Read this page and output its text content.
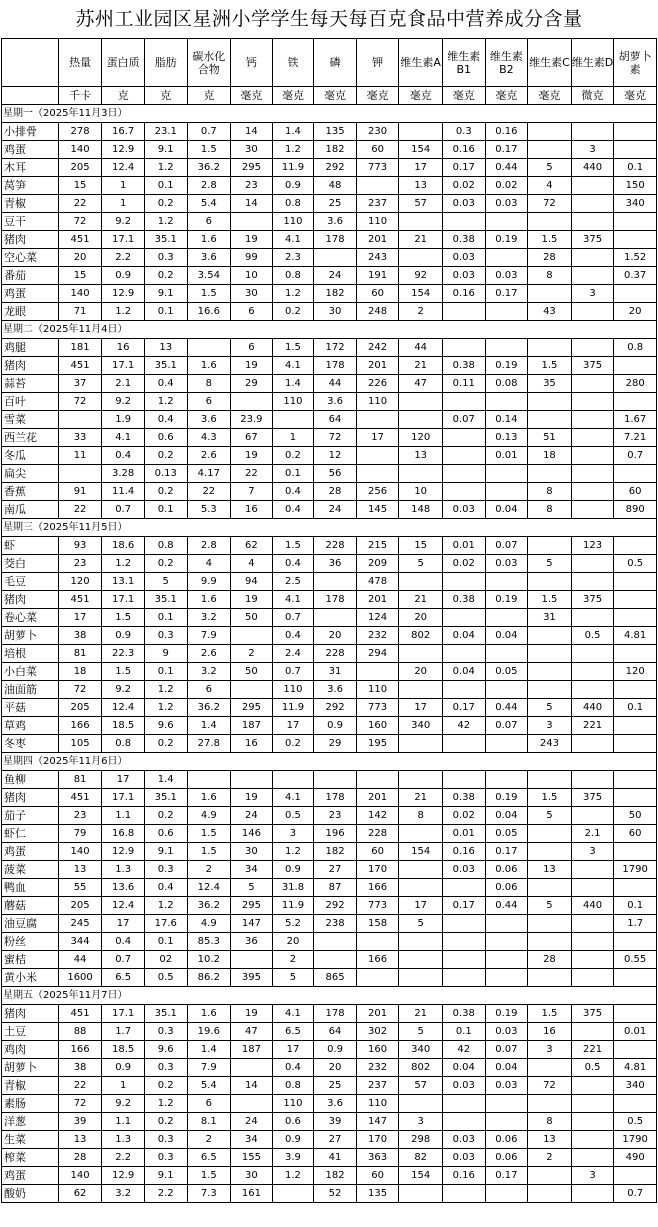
苏州工业园区星洲小学学生每天每百克食品中营养成分含量
	热量	蛋白质	脂肪	碳水化合物	钙	铁	磷	钾	维生素A	维生素B1	维生素B2	维生素C	维生素D	胡萝卜素
	千卡	克	克	克	毫克	毫克	毫克	毫克	毫克	毫克	毫克	毫克	微克	毫克
星期一（2025年11月3日）														
小排骨	278	16.7	23.1	0.7	14	1.4	135	230		0.3	0.16			
鸡蛋	140	12.9	9.1	1.5	30	1.2	182	60	154	0.16	0.17		3	
木耳	205	12.4	1.2	36.2	295	11.9	292	773	17	0.17	0.44	5	440	0.1
莴笋	15	1	0.1	2.8	23	0.9	48		13	0.02	0.02	4		150
青椒	22	1	0.2	5.4	14	0.8	25	237	57	0.03	0.03	72		340
豆干	72	9.2	1.2	6		110	3.6	110						
猪肉	451	17.1	35.1	1.6	19	4.1	178	201	21	0.38	0.19	1.5	375	
空心菜	20	2.2	0.3	3.6	99	2.3		243		0.03		28		1.52
番茄	15	0.9	0.2	3.54	10	0.8	24	191	92	0.03	0.03	8		0.37
鸡蛋	140	12.9	9.1	1.5	30	1.2	182	60	154	0.16	0.17		3	
龙眼	71	1.2	0.1	16.6	6	0.2	30	248	2			43		20
星期二（2025年11月4日）														
鸡腿	181	16	13		6	1.5	172	242	44					0.8
猪肉	451	17.1	35.1	1.6	19	4.1	178	201	21	0.38	0.19	1.5	375	
蒜苔	37	2.1	0.4	8	29	1.4	44	226	47	0.11	0.08	35		280
百叶	72	9.2	1.2	6		110	3.6	110						
雪菜		1.9	0.4	3.6	23.9		64			0.07	0.14			1.67
西兰花	33	4.1	0.6	4.3	67	1	72	17	120		0.13	51		7.21
冬瓜	11	0.4	0.2	2.6	19	0.2	12		13		0.01	18		0.7
扁尖		3.28	0.13	4.17	22	0.1	56							
香蕉	91	11.4	0.2	22	7	0.4	28	256	10			8		60
南瓜	22	0.7	0.1	5.3	16	0.4	24	145	148	0.03	0.04	8		890
星期三（2025年11月5日）														
虾	93	18.6	0.8	2.8	62	1.5	228	215	15	0.01	0.07		123	
茭白	23	1.2	0.2	4	4	0.4	36	209	5	0.02	0.03	5		0.5
毛豆	120	13.1	5	9.9	94	2.5		478						
猪肉	451	17.1	35.1	1.6	19	4.1	178	201	21	0.38	0.19	1.5	375	
卷心菜	17	1.5	0.1	3.2	50	0.7		124	20			31		
胡萝卜	38	0.9	0.3	7.9		0.4	20	232	802	0.04	0.04		0.5	4.81
培根	81	22.3	9	2.6	2	2.4	228	294						
小白菜	18	1.5	0.1	3.2	50	0.7	31		20	0.04	0.05			120
油面筋	72	9.2	1.2	6		110	3.6	110						
平菇	205	12.4	1.2	36.2	295	11.9	292	773	17	0.17	0.44	5	440	0.1
草鸡	166	18.5	9.6	1.4	187	17	0.9	160	340	42	0.07	3	221	
冬枣	105	0.8	0.2	27.8	16	0.2	29	195				243		
星期四（2025年11月6日）														
鱼柳	81	17	1.4											
猪肉	451	17.1	35.1	1.6	19	4.1	178	201	21	0.38	0.19	1.5	375	
茄子	23	1.1	0.2	4.9	24	0.5	23	142	8	0.02	0.04	5		50
虾仁	79	16.8	0.6	1.5	146	3	196	228		0.01	0.05		2.1	60
鸡蛋	140	12.9	9.1	1.5	30	1.2	182	60	154	0.16	0.17		3	
菠菜	13	1.3	0.3	2	34	0.9	27	170		0.03	0.06	13		1790
鸭血	55	13.6	0.4	12.4	5	31.8	87	166			0.06			
蘑菇	205	12.4	1.2	36.2	295	11.9	292	773	17	0.17	0.44	5	440	0.1
油豆腐	245	17	17.6	4.9	147	5.2	238	158	5					1.7
粉丝	344	0.4	0.1	85.3	36	20								
蜜桔	44	0.7	02	10.2		2		166				28		0.55
黄小米	1600	6.5	0.5	86.2	395	5	865							
星期五（2025年11月7日）														
猪肉	451	17.1	35.1	1.6	19	4.1	178	201	21	0.38	0.19	1.5	375	
土豆	88	1.7	0.3	19.6	47	6.5	64	302	5	0.1	0.03	16		0.01
鸡肉	166	18.5	9.6	1.4	187	17	0.9	160	340	42	0.07	3	221	
胡萝卜	38	0.9	0.3	7.9		0.4	20	232	802	0.04	0.04		0.5	4.81
青椒	22	1	0.2	5.4	14	0.8	25	237	57	0.03	0.03	72		340
素肠	72	9.2	1.2	6		110	3.6	110						
洋葱	39	1.1	0.2	8.1	24	0.6	39	147	3			8		0.5
生菜	13	1.3	0.3	2	34	0.9	27	170	298	0.03	0.06	13		1790
榨菜	28	2.2	0.3	6.5	155	3.9	41	363	82	0.03	0.06	2		490
鸡蛋	140	12.9	9.1	1.5	30	1.2	182	60	154	0.16	0.17		3	
酸奶	62	3.2	2.2	7.3	161		52	135						0.7
